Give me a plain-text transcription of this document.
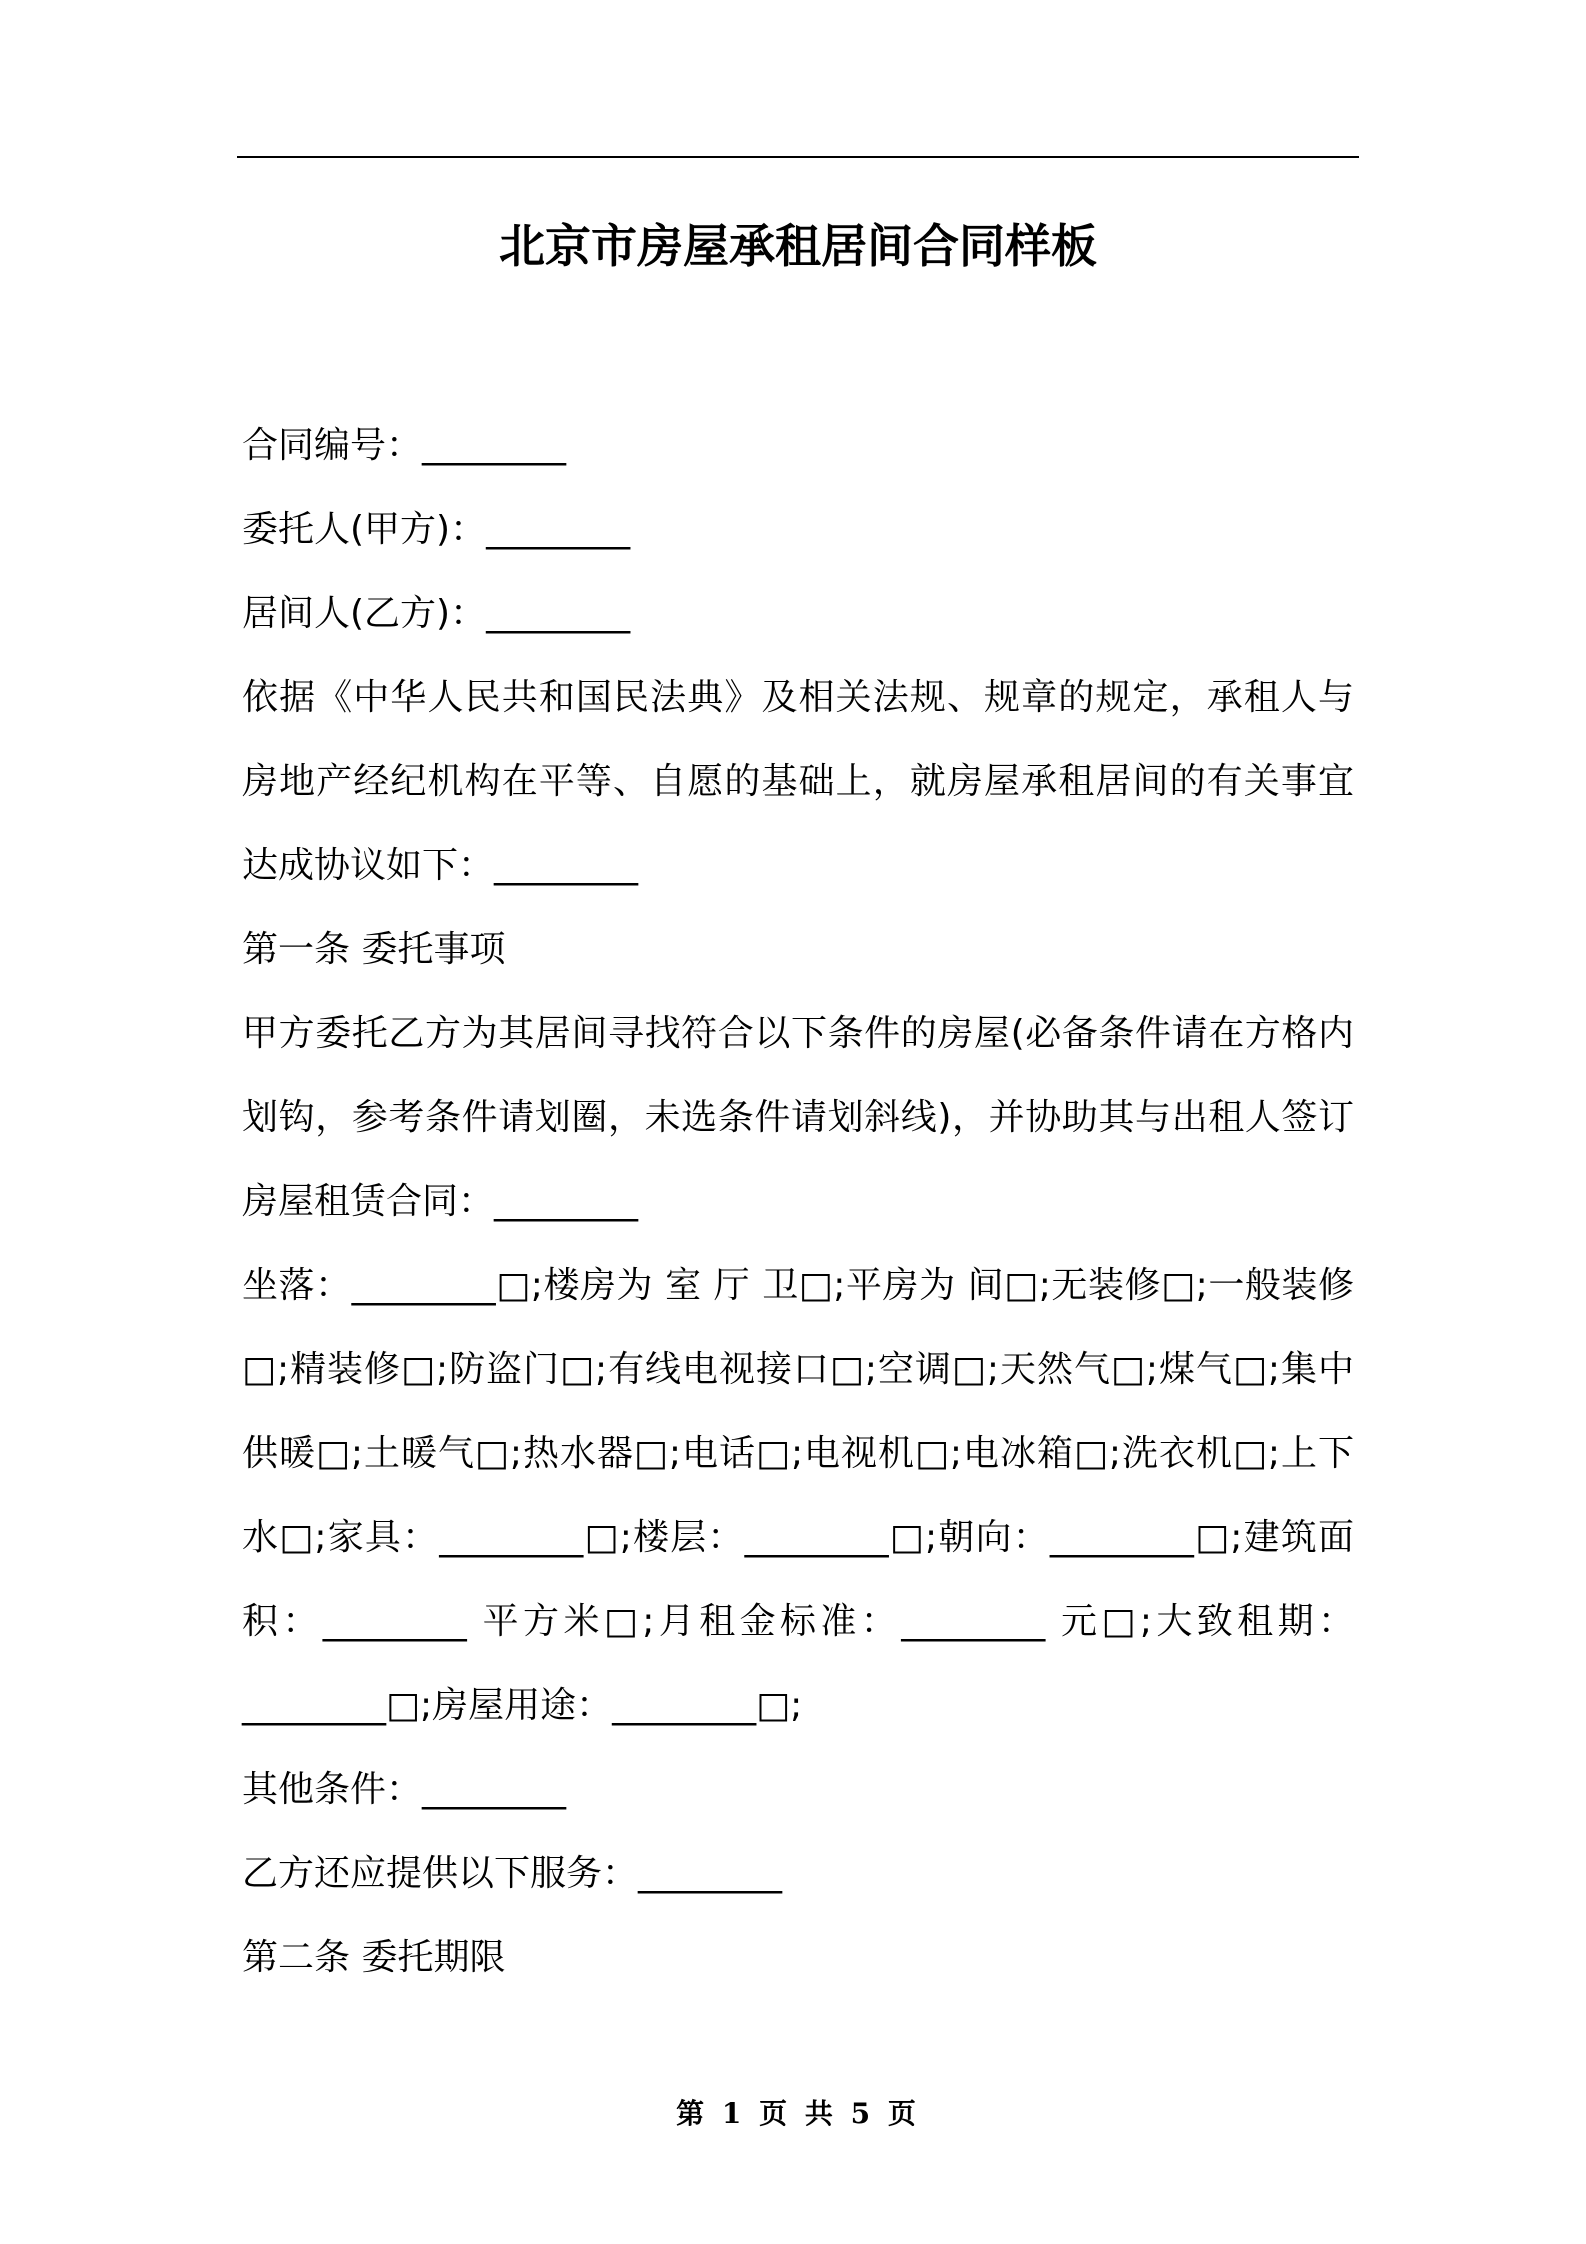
北京市房屋承租居间合同样板

合同编号：________

委托人(甲方)：________

居间人(乙方)：________

依据《中华人民共和国民法典》及相关法规、规章的规定，承租人与房地产经纪机构在平等、自愿的基础上，就房屋承租居间的有关事宜达成协议如下：________

第一条 委托事项

甲方委托乙方为其居间寻找符合以下条件的房屋(必备条件请在方格内划钩，参考条件请划圈，未选条件请划斜线)，并协助其与出租人签订房屋租赁合同：________

坐落：________□;楼房为 室 厅 卫□;平房为 间□;无装修□;一般装修□;精装修□;防盗门□;有线电视接口□;空调□;天然气□;煤气□;集中供暖□;土暖气□;热水器□;电话□;电视机□;电冰箱□;洗衣机□;上下水□;家具：________□;楼层：________□;朝向：________□;建筑面积：________ 平方米□;月租金标准：________ 元□;大致租期：________□;房屋用途：________□;

其他条件：________

乙方还应提供以下服务：________

第二条 委托期限

第 1 页 共 5 页
